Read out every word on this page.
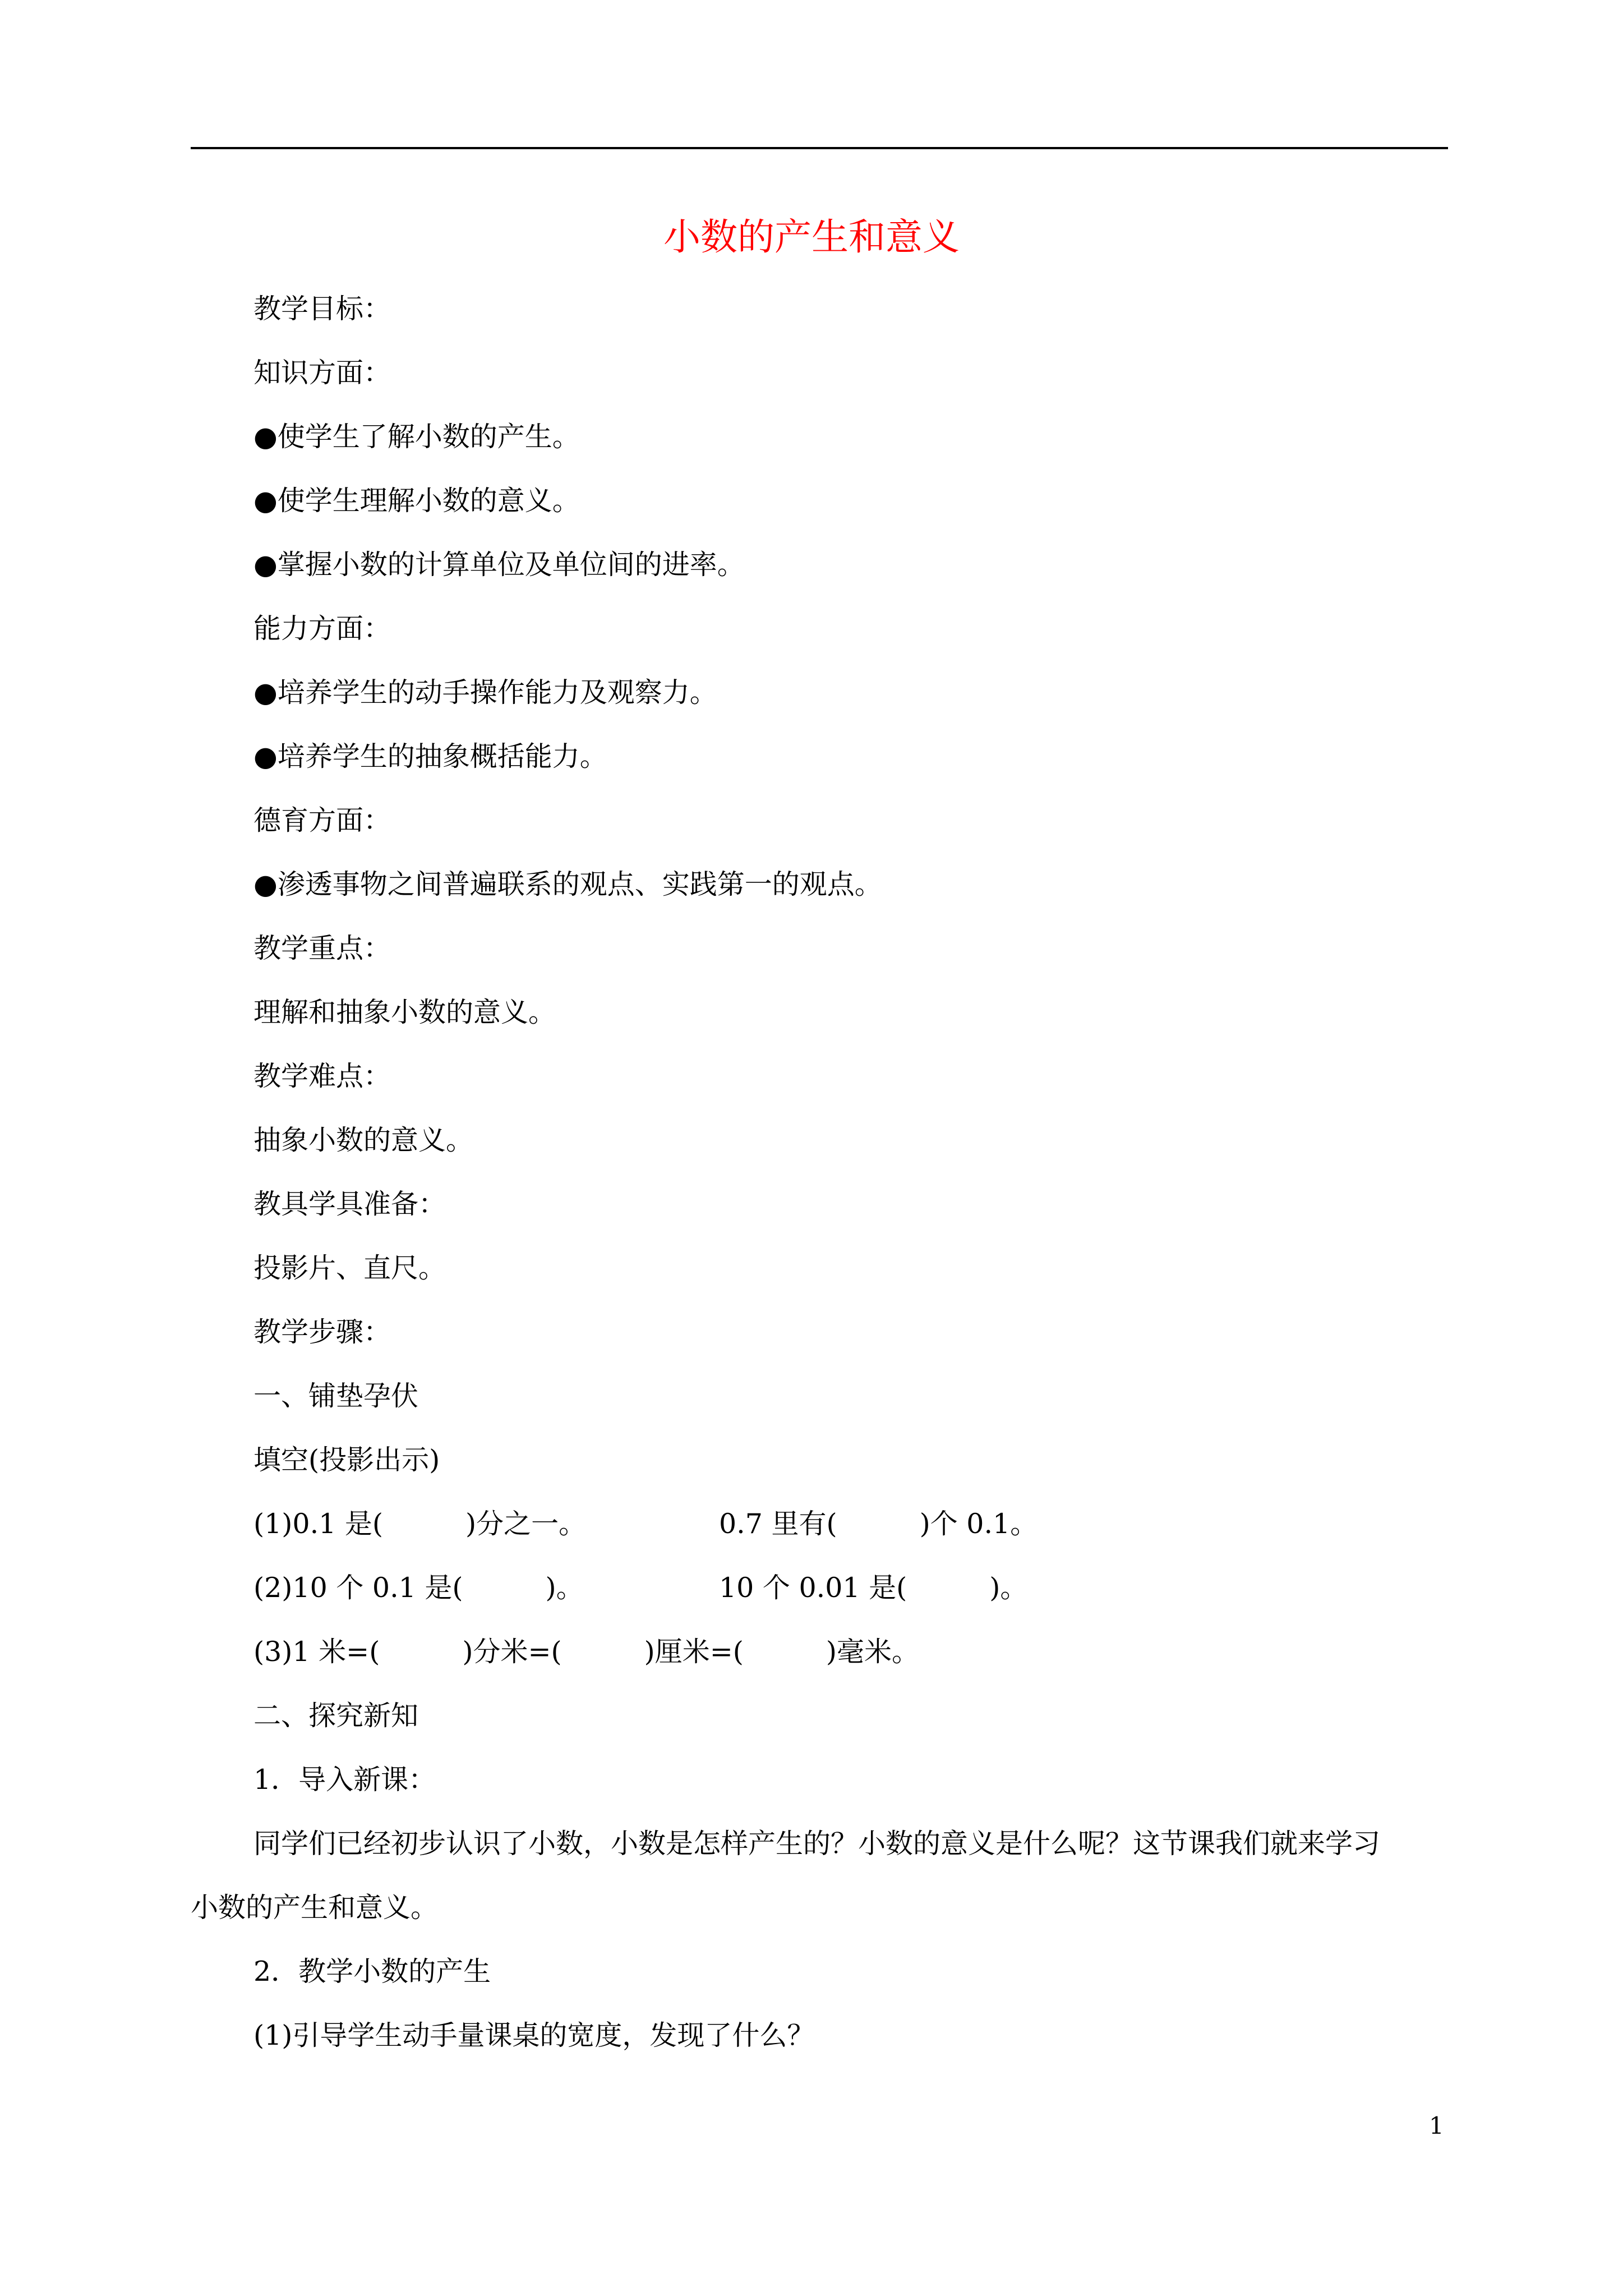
小数的产生和意义
教学目标：
知识方面：
●使学生了解小数的产生。
●使学生理解小数的意义。
●掌握小数的计算单位及单位间的进率。
能力方面：
●培养学生的动手操作能力及观察力。
●培养学生的抽象概括能力。
德育方面：
●渗透事物之间普遍联系的观点、实践第一的观点。
教学重点：
理解和抽象小数的意义。
教学难点：
抽象小数的意义。
教具学具准备：
投影片、直尺。
教学步骤：
一、铺垫孕伏
填空(投影出示)
(1)0.1 是(　　　)分之一。	0.7 里有(　　　)个 0.1。
(2)10 个 0.1 是(　　　)。	10 个 0.01 是(　　　)。
(3)1 米=(　　　)分米=(　　　)厘米=(　　　)毫米。
二、探究新知
1．导入新课：
同学们已经初步认识了小数，小数是怎样产生的？小数的意义是什么呢？这节课我们就来学习
小数的产生和意义。
2．教学小数的产生
(1)引导学生动手量课桌的宽度，发现了什么？
1
